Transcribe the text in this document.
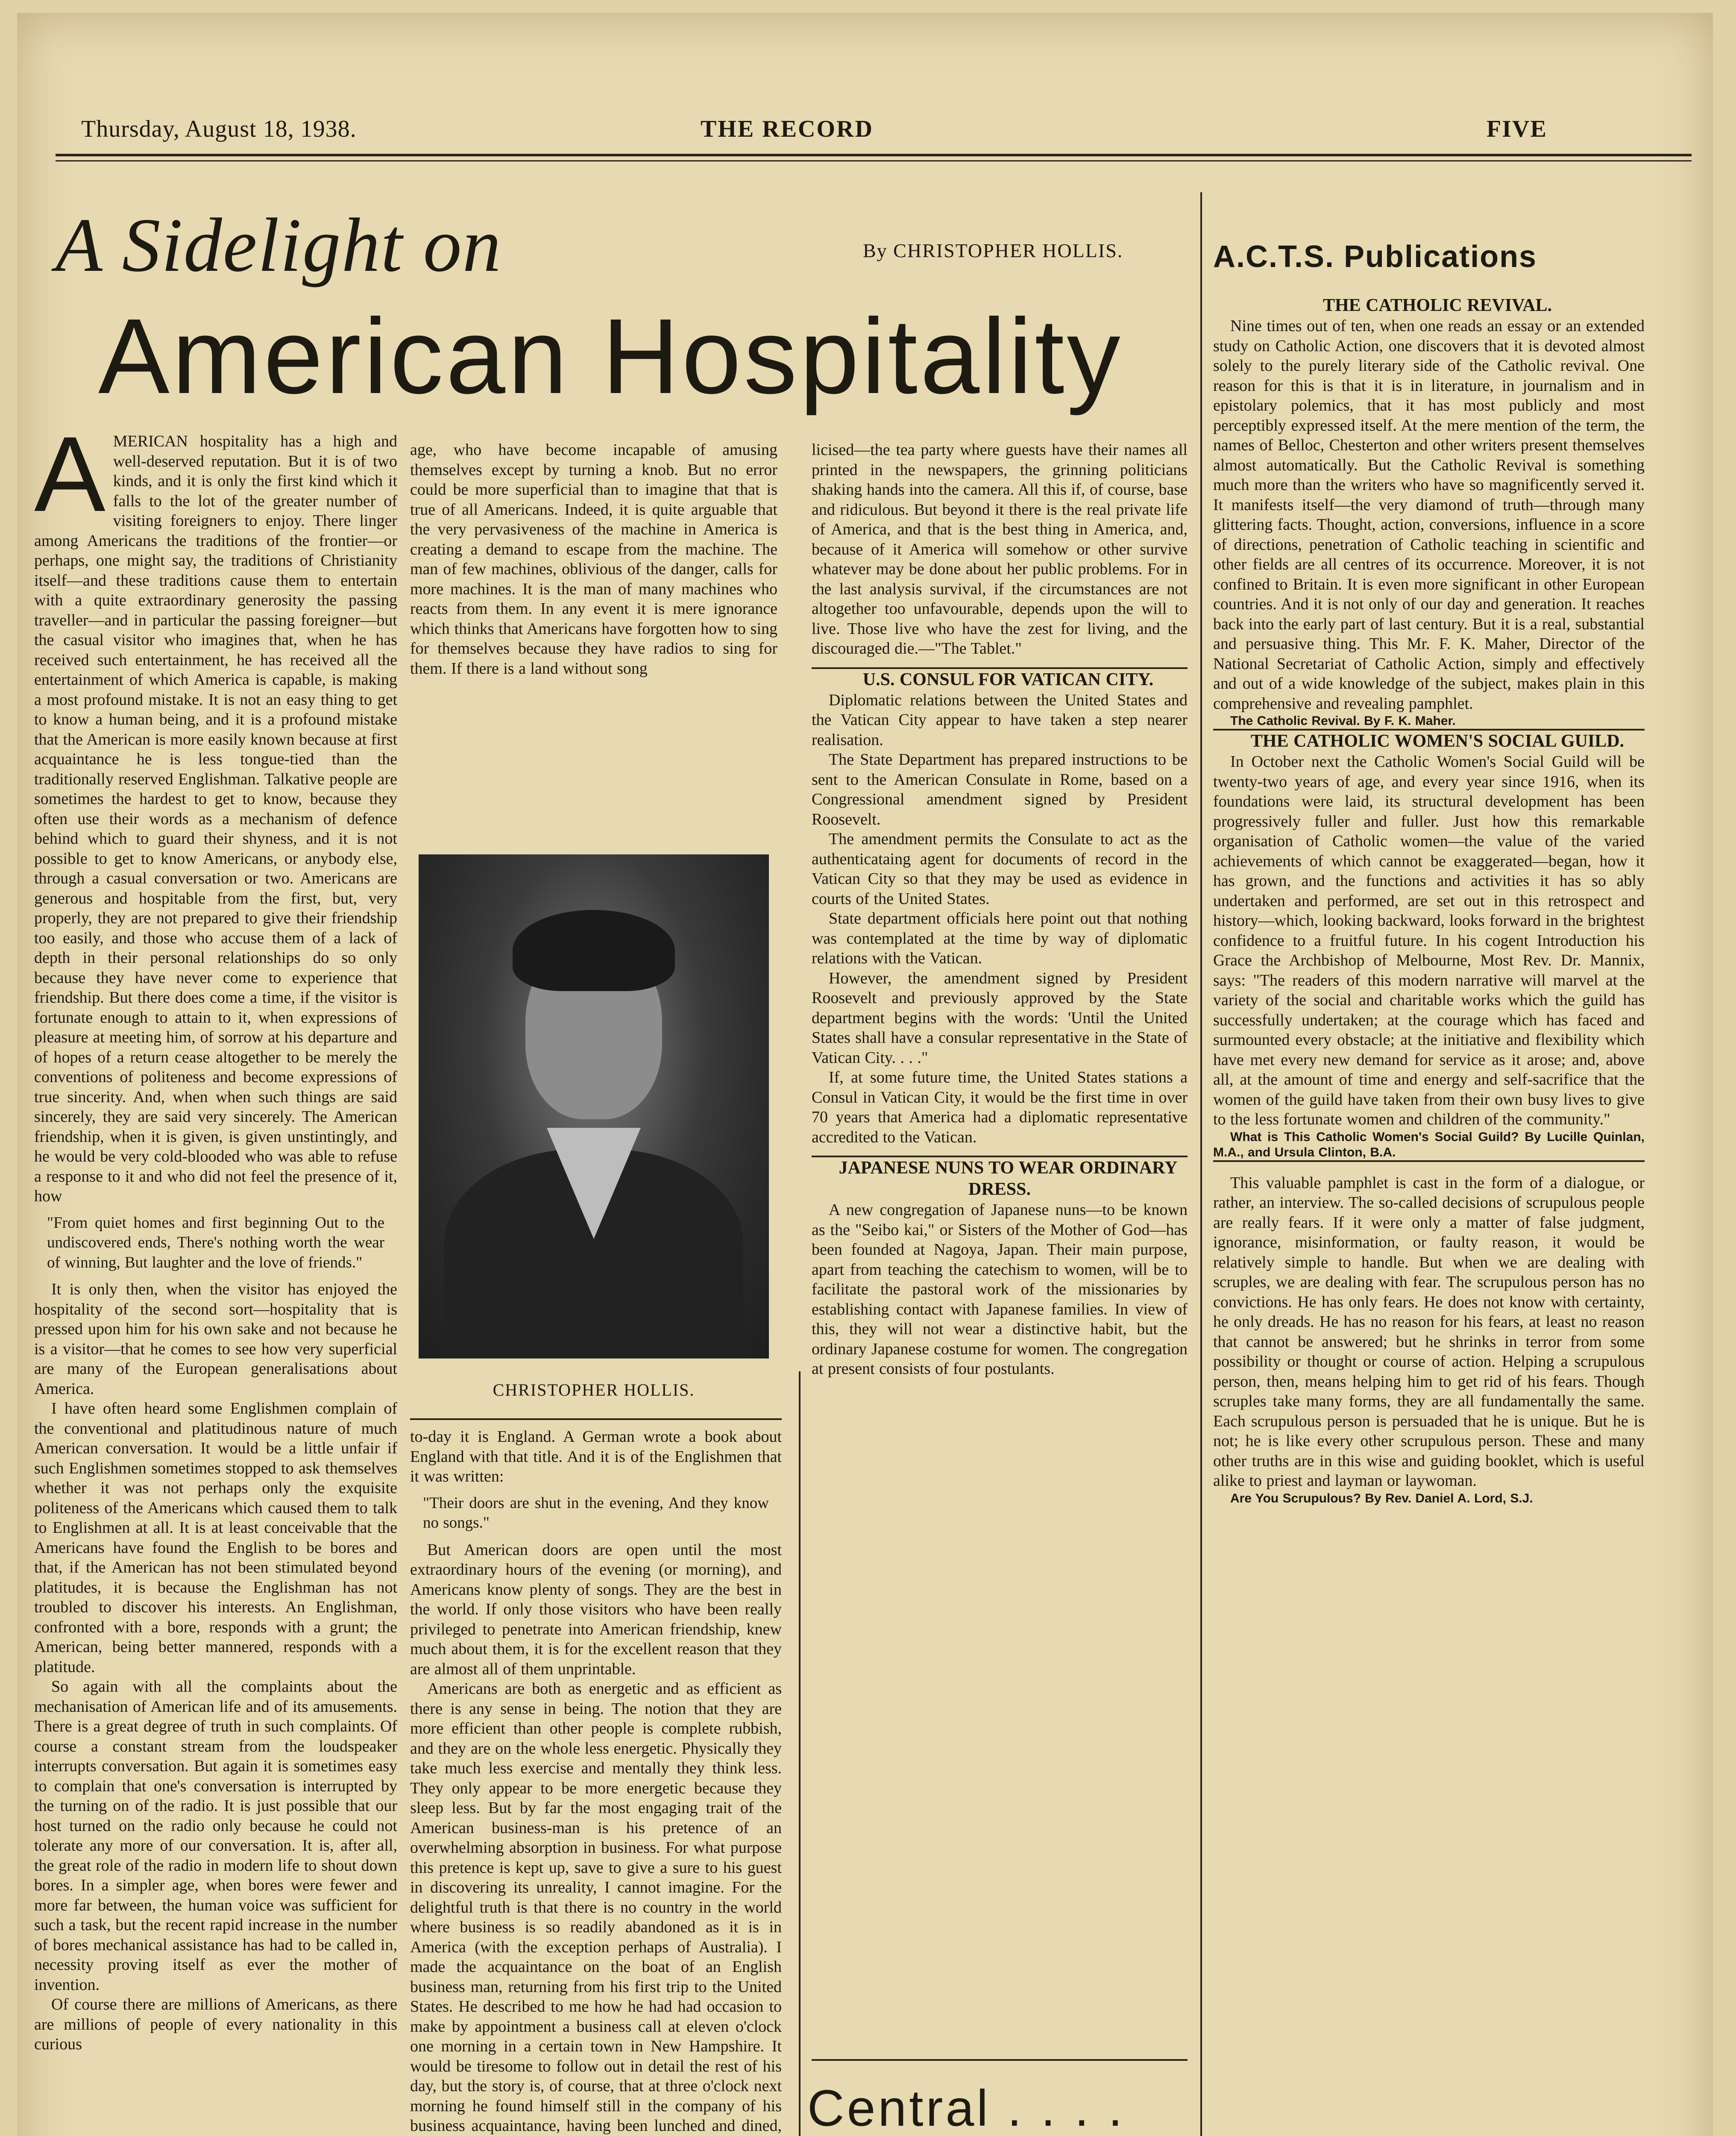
Thursday, August 18, 1938.	THE RECORD	FIVE
A Sidelight on
American Hospitality
By CHRISTOPHER HOLLIS.
A MERICAN hospitality has a high and well-deserved reputation. But it is of two kinds, and it is only the first kind which it falls to the lot of the greater number of visiting foreigners to enjoy. There linger among Americans the traditions of the frontier—or perhaps, one might say, the traditions of Christianity itself—and these traditions cause them to entertain with a quite extraordinary generosity the passing traveller—and in particular the passing foreigner—but the casual visitor who imagines that, when he has received such entertainment, he has received all the entertainment of which America is capable, is making a most profound mistake. It is not an easy thing to get to know a human being, and it is a profound mistake that the American is more easily known because at first acquaintance he is less tongue-tied than the traditionally reserved Englishman. Talkative people are sometimes the hardest to get to know, because they often use their words as a mechanism of defence behind which to guard their shyness, and it is not possible to get to know Americans, or anybody else, through a casual conversation or two. Americans are generous and hospitable from the first, but, very properly, they are not prepared to give their friendship too easily, and those who accuse them of a lack of depth in their personal relationships do so only because they have never come to experience that friendship. But there does come a time, if the visitor is fortunate enough to attain to it, when expressions of pleasure at meeting him, of sorrow at his departure and of hopes of a return cease altogether to be merely the conventions of politeness and become expressions of true sincerity. And, when when such things are said sincerely, they are said very sincerely. The American friendship, when it is given, is given unstintingly, and he would be very cold-blooded who was able to refuse a response to it and who did not feel the presence of it, how

"From quiet homes and first beginning Out to the undiscovered ends, There's nothing worth the wear of winning, But laughter and the love of friends."

It is only then, when the visitor has enjoyed the hospitality of the second sort—hospitality that is pressed upon him for his own sake and not because he is a visitor—that he comes to see how very superficial are many of the European generalisations about America.

I have often heard some Englishmen complain of the conventional and platitudinous nature of much American conversation. It would be a little unfair if such Englishmen sometimes stopped to ask themselves whether it was not perhaps only the exquisite politeness of the Americans which caused them to talk to Englishmen at all. It is at least conceivable that the Americans have found the English to be bores and that, if the American has not been stimulated beyond platitudes, it is because the Englishman has not troubled to discover his interests. An Englishman, confronted with a bore, responds with a grunt; the American, being better mannered, responds with a platitude.

So again with all the complaints about the mechanisation of American life and of its amusements. There is a great degree of truth in such complaints. Of course a constant stream from the loudspeaker interrupts conversation. But again it is sometimes easy to complain that one's conversation is interrupted by the turning on of the radio. It is just possible that our host turned on the radio only because he could not tolerate any more of our conversation. It is, after all, the great role of the radio in modern life to shout down bores. In a simpler age, when bores were fewer and more far between, the human voice was sufficient for such a task, but the recent rapid increase in the number of bores mechanical assistance has had to be called in, necessity proving itself as ever the mother of invention.

Of course there are millions of Americans, as there are millions of people of every nationality in this curious

age, who have become incapable of amusing themselves except by turning a knob. But no error could be more superficial than to imagine that that is true of all Americans. Indeed, it is quite arguable that the very pervasiveness of the machine in America is creating a demand to escape from the machine. The man of few machines, oblivious of the danger, calls for more machines. It is the man of many machines who reacts from them. In any event it is mere ignorance which thinks that Americans have forgotten how to sing for themselves because they have radios to sing for them. If there is a land without song

CHRISTOPHER HOLLIS.

to-day it is England. A German wrote a book about England with that title. And it is of the Englishmen that it was written:

"Their doors are shut in the evening, And they know no songs."

But American doors are open until the most extraordinary hours of the evening (or morning), and Americans know plenty of songs. They are the best in the world. If only those visitors who have been really privileged to penetrate into American friendship, knew much about them, it is for the excellent reason that they are almost all of them unprintable.

Americans are both as energetic and as efficient as there is any sense in being. The notion that they are more efficient than other people is complete rubbish, and they are on the whole less energetic. Physically they take much less exercise and mentally they think less. They only appear to be more energetic because they sleep less. But by far the most engaging trait of the American business-man is his pretence of an overwhelming absorption in business. For what purpose this pretence is kept up, save to give a sure to his guest in discovering its unreality, I cannot imagine. For the delightful truth is that there is no country in the world where business is so readily abandoned as it is in America (with the exception perhaps of Australia). I made the acquaintance on the boat of an English business man, returning from his first trip to the United States. He described to me how he had had occasion to make by appointment a business call at eleven o'clock one morning in a certain town in New Hampshire. It would be tiresome to follow out in detail the rest of his day, but the story is, of course, that at three o'clock next morning he found himself still in the company of his business acquaintance, having been lunched and dined,

licised—the tea party where guests have their names all printed in the newspapers, the grinning politicians shaking hands into the camera. All this if, of course, base and ridiculous. But beyond it there is the real private life of America, and that is the best thing in America, and, because of it America will somehow or other survive whatever may be done about her public problems. For in the last analysis survival, if the circumstances are not altogether too unfavourable, depends upon the will to live. Those live who have the zest for living, and the discouraged die.—"The Tablet."

U.S. CONSUL FOR VATICAN CITY.

Diplomatic relations between the United States and the Vatican City appear to have taken a step nearer realisation.

The State Department has prepared instructions to be sent to the American Consulate in Rome, based on a Congressional amendment signed by President Roosevelt.

The amendment permits the Consulate to act as the authenticataing agent for documents of record in the Vatican City so that they may be used as evidence in courts of the United States.

State department officials here point out that nothing was contemplated at the time by way of diplomatic relations with the Vatican.

However, the amendment signed by President Roosevelt and previously approved by the State department begins with the words: 'Until the United States shall have a consular representative in the State of Vatican City. . . ."

If, at some future time, the United States stations a Consul in Vatican City, it would be the first time in over 70 years that America had a diplomatic representative accredited to the Vatican.

JAPANESE NUNS TO WEAR ORDINARY DRESS.

A new congregation of Japanese nuns—to be known as the "Seibo kai," or Sisters of the Mother of God—has been founded at Nagoya, Japan. Their main purpose, apart from teaching the catechism to women, will be to facilitate the pastoral work of the missionaries by establishing contact with Japanese families. In view of this, they will not wear a distinctive habit, but the ordinary Japanese costume for women. The congregation at present consists of four postulants.

Central . . . .

A.C.T.S. Publications

THE CATHOLIC REVIVAL.

Nine times out of ten, when one reads an essay or an extended study on Catholic Action, one discovers that it is devoted almost solely to the purely literary side of the Catholic revival. One reason for this is that it is in literature, in journalism and in epistolary polemics, that it has most publicly and most perceptibly expressed itself. At the mere mention of the term, the names of Belloc, Chesterton and other writers present themselves almost automatically. But the Catholic Revival is something much more than the writers who have so magnificently served it. It manifests itself—the very diamond of truth—through many glittering facts. Thought, action, conversions, influence in a score of directions, penetration of Catholic teaching in scientific and other fields are all centres of its occurrence. Moreover, it is not confined to Britain. It is even more significant in other European countries. And it is not only of our day and generation. It reaches back into the early part of last century. But it is a real, substantial and persuasive thing. This Mr. F. K. Maher, Director of the National Secretariat of Catholic Action, simply and effectively and out of a wide knowledge of the subject, makes plain in this comprehensive and revealing pamphlet.

The Catholic Revival. By F. K. Maher.

THE CATHOLIC WOMEN'S SOCIAL GUILD.

In October next the Catholic Women's Social Guild will be twenty-two years of age, and every year since 1916, when its foundations were laid, its structural development has been progressively fuller and fuller. Just how this remarkable organisation of Catholic women—the value of the varied achievements of which cannot be exaggerated—began, how it has grown, and the functions and activities it has so ably undertaken and performed, are set out in this retrospect and history—which, looking backward, looks forward in the brightest confidence to a fruitful future. In his cogent Introduction his Grace the Archbishop of Melbourne, Most Rev. Dr. Mannix, says: "The readers of this modern narrative will marvel at the variety of the social and charitable works which the guild has successfully undertaken; at the courage which has faced and surmounted every obstacle; at the initiative and flexibility which have met every new demand for service as it arose; and, above all, at the amount of time and energy and self-sacrifice that the women of the guild have taken from their own busy lives to give to the less fortunate women and children of the community."

What is This Catholic Women's Social Guild? By Lucille Quinlan, M.A., and Ursula Clinton, B.A.

This valuable pamphlet is cast in the form of a dialogue, or rather, an interview. The so-called decisions of scrupulous people are really fears. If it were only a matter of false judgment, ignorance, misinformation, or faulty reason, it would be relatively simple to handle. But when we are dealing with scruples, we are dealing with fear. The scrupulous person has no convictions. He has only fears. He does not know with certainty, he only dreads. He has no reason for his fears, at least no reason that cannot be answered; but he shrinks in terror from some possibility or thought or course of action. Helping a scrupulous person, then, means helping him to get rid of his fears. Though scruples take many forms, they are all fundamentally the same. Each scrupulous person is persuaded that he is unique. But he is not; he is like every other scrupulous person. These and many other truths are in this wise and guiding booklet, which is useful alike to priest and layman or laywoman.

Are You Scrupulous? By Rev. Daniel A. Lord, S.J.
